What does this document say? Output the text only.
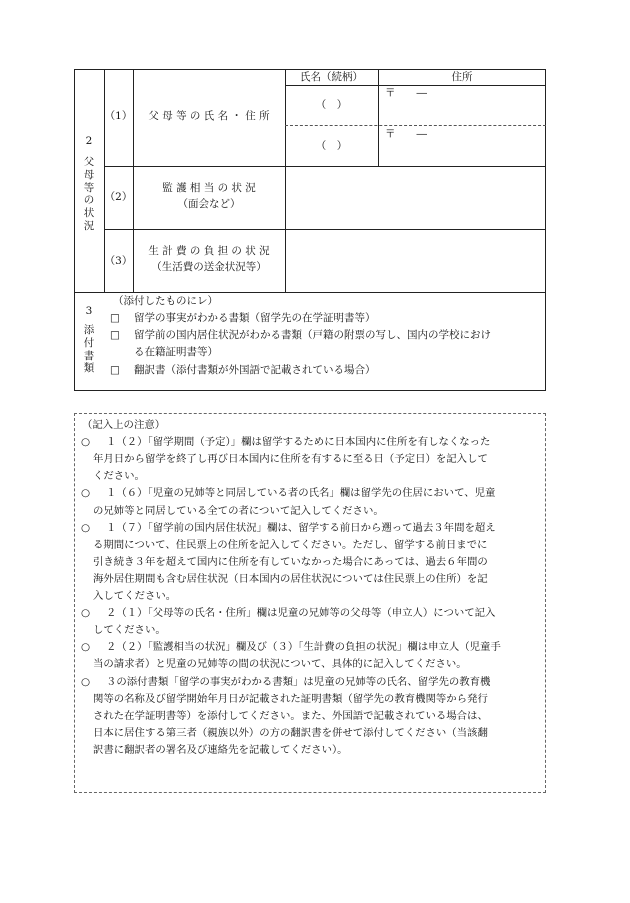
氏名（続柄）	住所
2
父
母
等
の
状
況
（1）	父 母 等 の 氏 名 ・ 住 所
（　）
〒　　―
（　）
〒　　―
（2）
監 護 相 当 の 状 況
（面会など）
（3）
生 計 費 の 負 担 の 状 況
（生活費の送金状況等）
3
添
付
書
類
（添付したものにレ）
□ 留学の事実がわかる書類（留学先の在学証明書等）
□ 留学前の国内居住状況がわかる書類（戸籍の附票の写し、国内の学校におけ
る在籍証明書等）
□ 翻訳書（添付書類が外国語で記載されている場合）
（記入上の注意）
○ １（２）「留学期間（予定）」欄は留学するために日本国内に住所を有しなくなった
年月日から留学を終了し再び日本国内に住所を有するに至る日（予定日）を記入して
ください。
○ １（６）「児童の兄姉等と同居している者の氏名」欄は留学先の住居において、児童
の兄姉等と同居している全ての者について記入してください。
○ １（７）「留学前の国内居住状況」欄は、留学する前日から遡って過去３年間を超え
る期間について、住民票上の住所を記入してください。ただし、留学する前日までに
引き続き３年を超えて国内に住所を有していなかった場合にあっては、過去６年間の
海外居住期間も含む居住状況（日本国内の居住状況については住民票上の住所）を記
入してください。
○ ２（１）「父母等の氏名・住所」欄は児童の兄姉等の父母等（申立人）について記入
してください。
○ ２（２）「監護相当の状況」欄及び（３）「生計費の負担の状況」欄は申立人（児童手
当の請求者）と児童の兄姉等の間の状況について、具体的に記入してください。
○ ３の添付書類「留学の事実がわかる書類」は児童の兄姉等の氏名、留学先の教育機
関等の名称及び留学開始年月日が記載された証明書類（留学先の教育機関等から発行
された在学証明書等）を添付してください。また、外国語で記載されている場合は、
日本に居住する第三者（親族以外）の方の翻訳書を併せて添付してください（当該翻
訳書に翻訳者の署名及び連絡先を記載してください）。
